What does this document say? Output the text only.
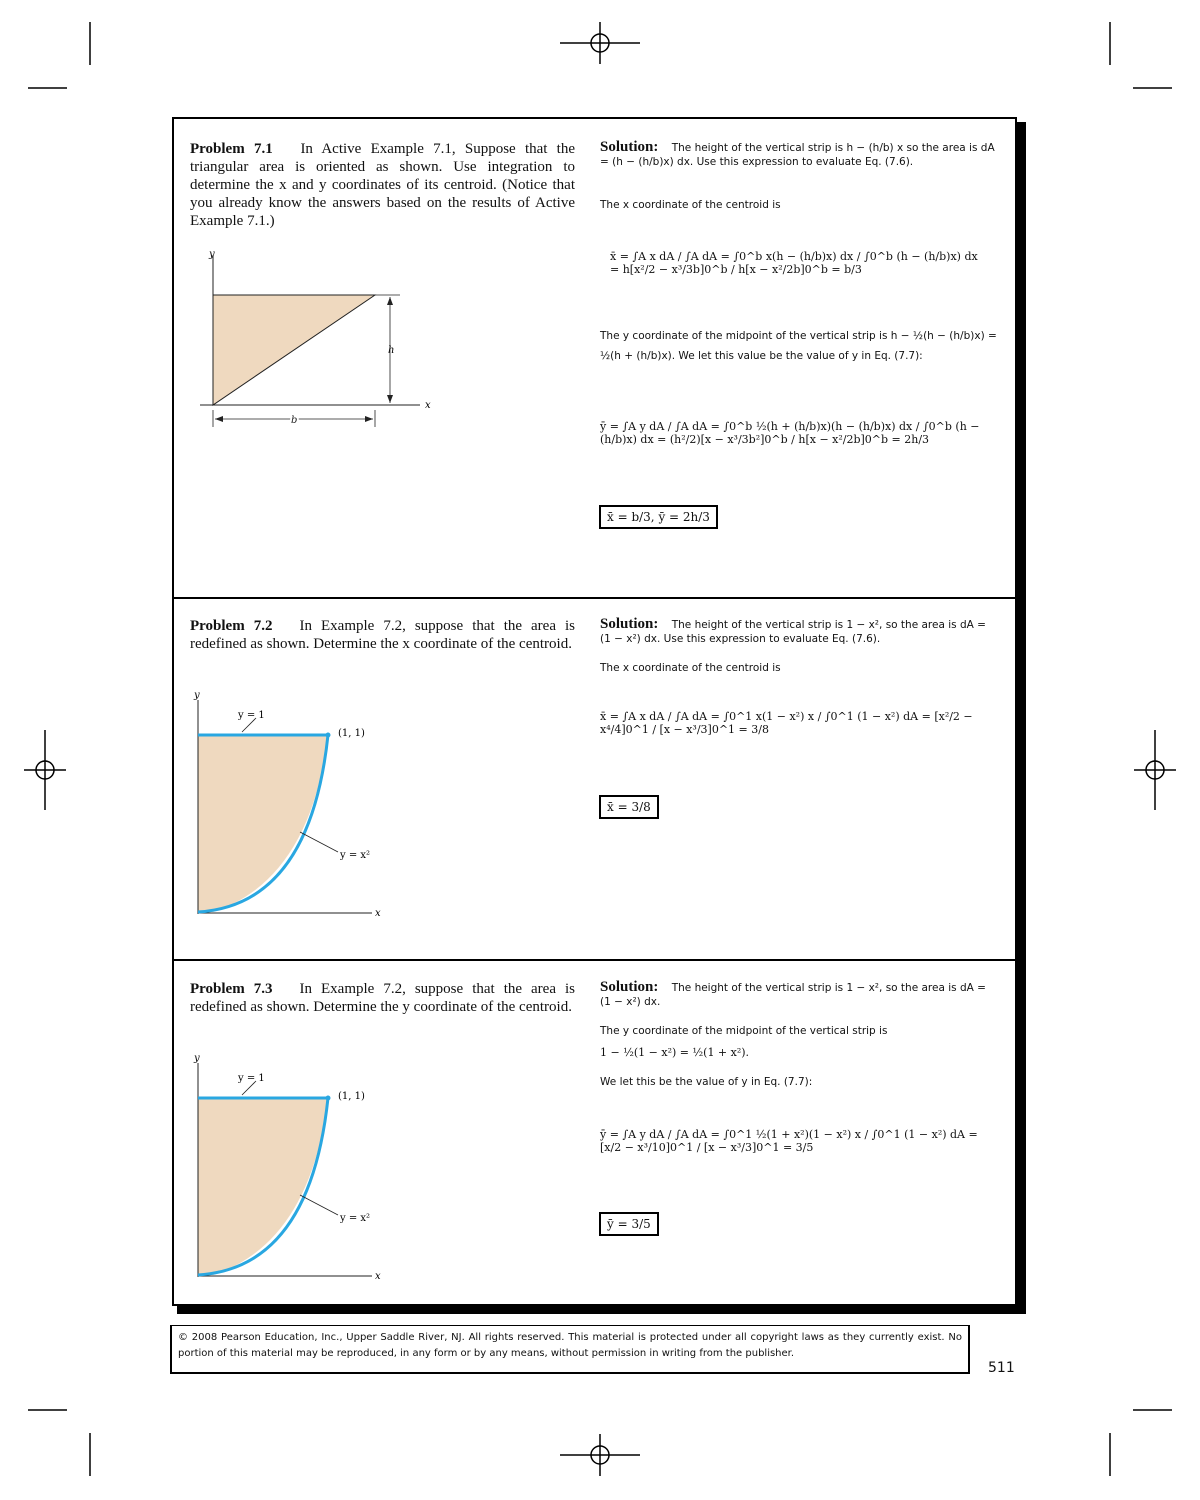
Problem 7.1 In Active Example 7.1, Suppose that the triangular area is oriented as shown. Use integration to determine the x and y coordinates of its centroid. (Notice that you already know the answers based on the results of Active Example 7.1.)
y
x
h
b
Solution: The height of the vertical strip is h − (h/b) x so the area is dA = (h − (h/b)x) dx. Use this expression to evaluate Eq. (7.6).
The x coordinate of the centroid is
x̄ = ∫A x dA / ∫A dA = ∫0^b x(h − (h/b)x) dx / ∫0^b (h − (h/b)x) dx = h[x²/2 − x³/3b]0^b / h[x − x²/2b]0^b = b/3
The y coordinate of the midpoint of the vertical strip is h − ½(h − (h/b)x) = ½(h + (h/b)x). We let this value be the value of y in Eq. (7.7):
ȳ = ∫A y dA / ∫A dA = ∫0^b ½(h + (h/b)x)(h − (h/b)x) dx / ∫0^b (h − (h/b)x) dx = (h²/2)[x − x³/3b²]0^b / h[x − x²/2b]0^b = 2h/3
x̄ = b/3, ȳ = 2h/3
Problem 7.2 In Example 7.2, suppose that the area is redefined as shown. Determine the x coordinate of the centroid.
y
x
y = 1
(1, 1)
y = x²
Solution: The height of the vertical strip is 1 − x², so the area is dA = (1 − x²) dx. Use this expression to evaluate Eq. (7.6).
The x coordinate of the centroid is
x̄ = ∫A x dA / ∫A dA = ∫0^1 x(1 − x²) x / ∫0^1 (1 − x²) dA = [x²/2 − x⁴/4]0^1 / [x − x³/3]0^1 = 3/8
x̄ = 3/8
Problem 7.3 In Example 7.2, suppose that the area is redefined as shown. Determine the y coordinate of the centroid.
y
x
y = 1
(1, 1)
y = x²
Solution: The height of the vertical strip is 1 − x², so the area is dA = (1 − x²) dx.
The y coordinate of the midpoint of the vertical strip is
1 − ½(1 − x²) = ½(1 + x²).
We let this be the value of y in Eq. (7.7):
ȳ = ∫A y dA / ∫A dA = ∫0^1 ½(1 + x²)(1 − x²) x / ∫0^1 (1 − x²) dA = [x/2 − x³/10]0^1 / [x − x³/3]0^1 = 3/5
ȳ = 3/5
© 2008 Pearson Education, Inc., Upper Saddle River, NJ. All rights reserved. This material is protected under all copyright laws as they currently exist. No portion of this material may be reproduced, in any form or by any means, without permission in writing from the publisher.
511
